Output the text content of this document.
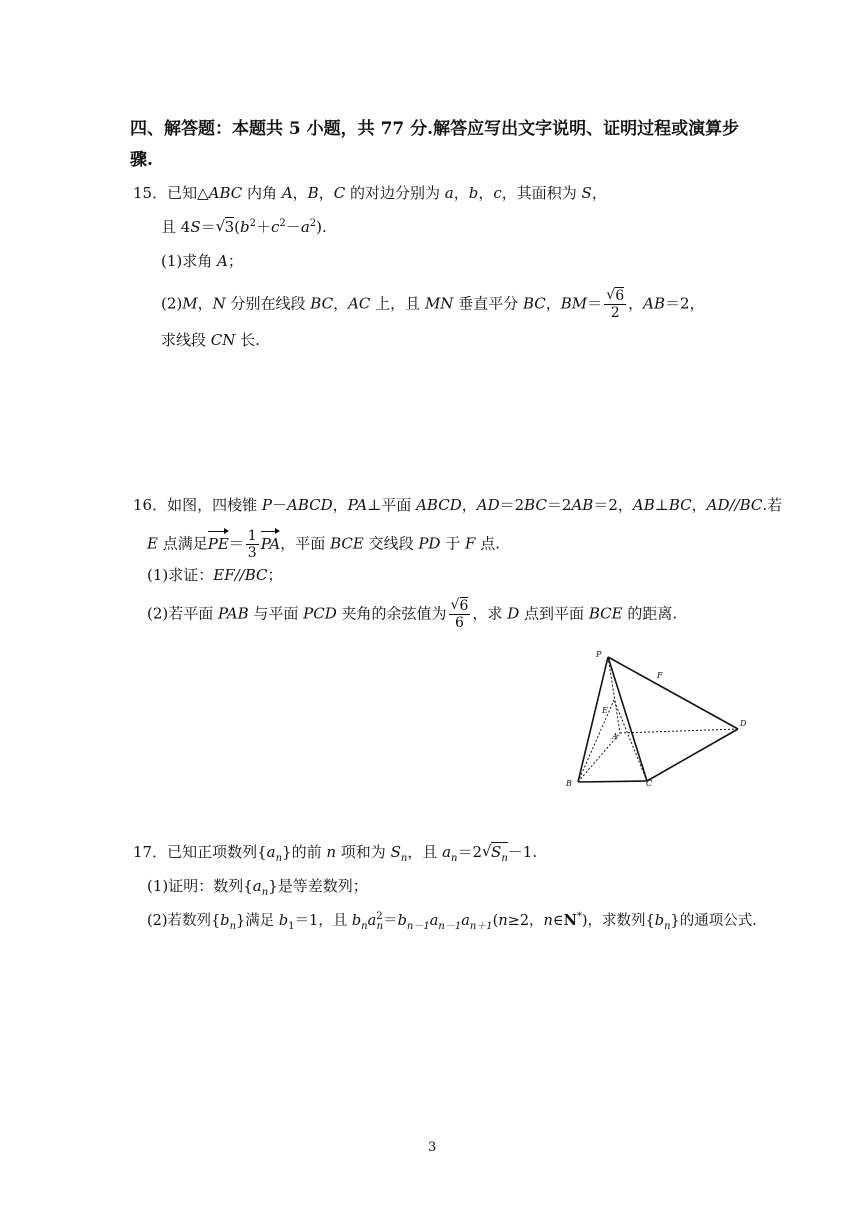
四、解答题：本题共 5 小题，共 77 分.解答应写出文字说明、证明过程或演算步
骤.
15．已知△ABC 内角 A，B，C 的对边分别为 a，b，c，其面积为 S，
且 4S＝√ $3(b^2+c^2-a^2)$.
(1)求角 A；
(2)M，N 分别在线段 BC，AC 上，且 MN 垂直平分 BC，BM＝
√ $\frac{6}{2}$ ，AB＝2，
求线段 CN 长.
16．如图，四棱锥 P－ABCD，PA⊥平面 ABCD，AD＝2BC＝2AB＝2，AB⊥BC，AD//BC.若
E 点满足$PE= \frac{1}{3}$ PA，平面 BCE 交线段 PD 于 F 点.
(1)求证：EF//BC；
(2)若平面 PAB 与平面 PCD 夹角的余弦值为
√ $\frac{6}{6}$ ，求 D 点到平面 BCE 的距离.
P
F
D
E
A
B	C
17．已知正项数列$\{a_n\}$的前 n 项和为 $S_n$，且 $a_n=2√$ $S_n-1$.
(1)证明：数列$\{a_n\}$是等差数列；
(2)若数列$\{b_n\}$满足 $b_1=1$，且 $b_na^2_n=b_{n-1}a_{n-1}a_{n+1}(n\ge 2$，n∈N*)，求数列$\{b_n\}$的通项公式.
3
